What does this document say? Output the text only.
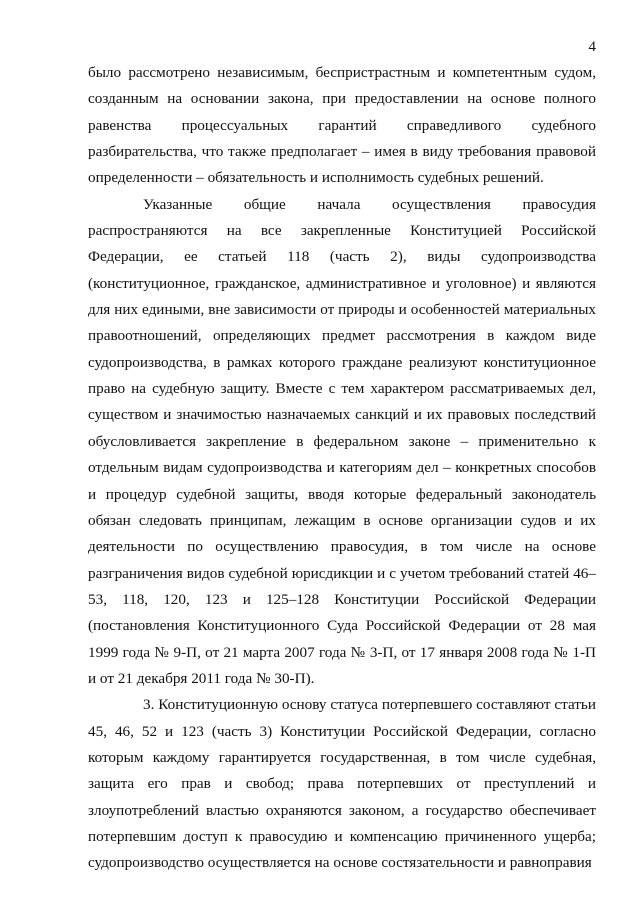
4

было рассмотрено независимым, беспристрастным и компетентным судом, созданным на основании закона, при предоставлении на основе полного равенства процессуальных гарантий справедливого судебного разбирательства, что также предполагает – имея в виду требования правовой определенности – обязательность и исполнимость судебных решений.

Указанные общие начала осуществления правосудия распространяются на все закрепленные Конституцией Российской Федерации, ее статьей 118 (часть 2), виды судопроизводства (конституционное, гражданское, административное и уголовное) и являются для них едиными, вне зависимости от природы и особенностей материальных правоотношений, определяющих предмет рассмотрения в каждом виде судопроизводства, в рамках которого граждане реализуют конституционное право на судебную защиту. Вместе с тем характером рассматриваемых дел, существом и значимостью назначаемых санкций и их правовых последствий обусловливается закрепление в федеральном законе – применительно к отдельным видам судопроизводства и категориям дел – конкретных способов и процедур судебной защиты, вводя которые федеральный законодатель обязан следовать принципам, лежащим в основе организации судов и их деятельности по осуществлению правосудия, в том числе на основе разграничения видов судебной юрисдикции и с учетом требований статей 46–53, 118, 120, 123 и 125–128 Конституции Российской Федерации (постановления Конституционного Суда Российской Федерации от 28 мая 1999 года № 9-П, от 21 марта 2007 года № 3-П, от 17 января 2008 года № 1-П и от 21 декабря 2011 года № 30-П).

3. Конституционную основу статуса потерпевшего составляют статьи 45, 46, 52 и 123 (часть 3) Конституции Российской Федерации, согласно которым каждому гарантируется государственная, в том числе судебная, защита его прав и свобод; права потерпевших от преступлений и злоупотреблений властью охраняются законом, а государство обеспечивает потерпевшим доступ к правосудию и компенсацию причиненного ущерба; судопроизводство осуществляется на основе состязательности и равноправия
